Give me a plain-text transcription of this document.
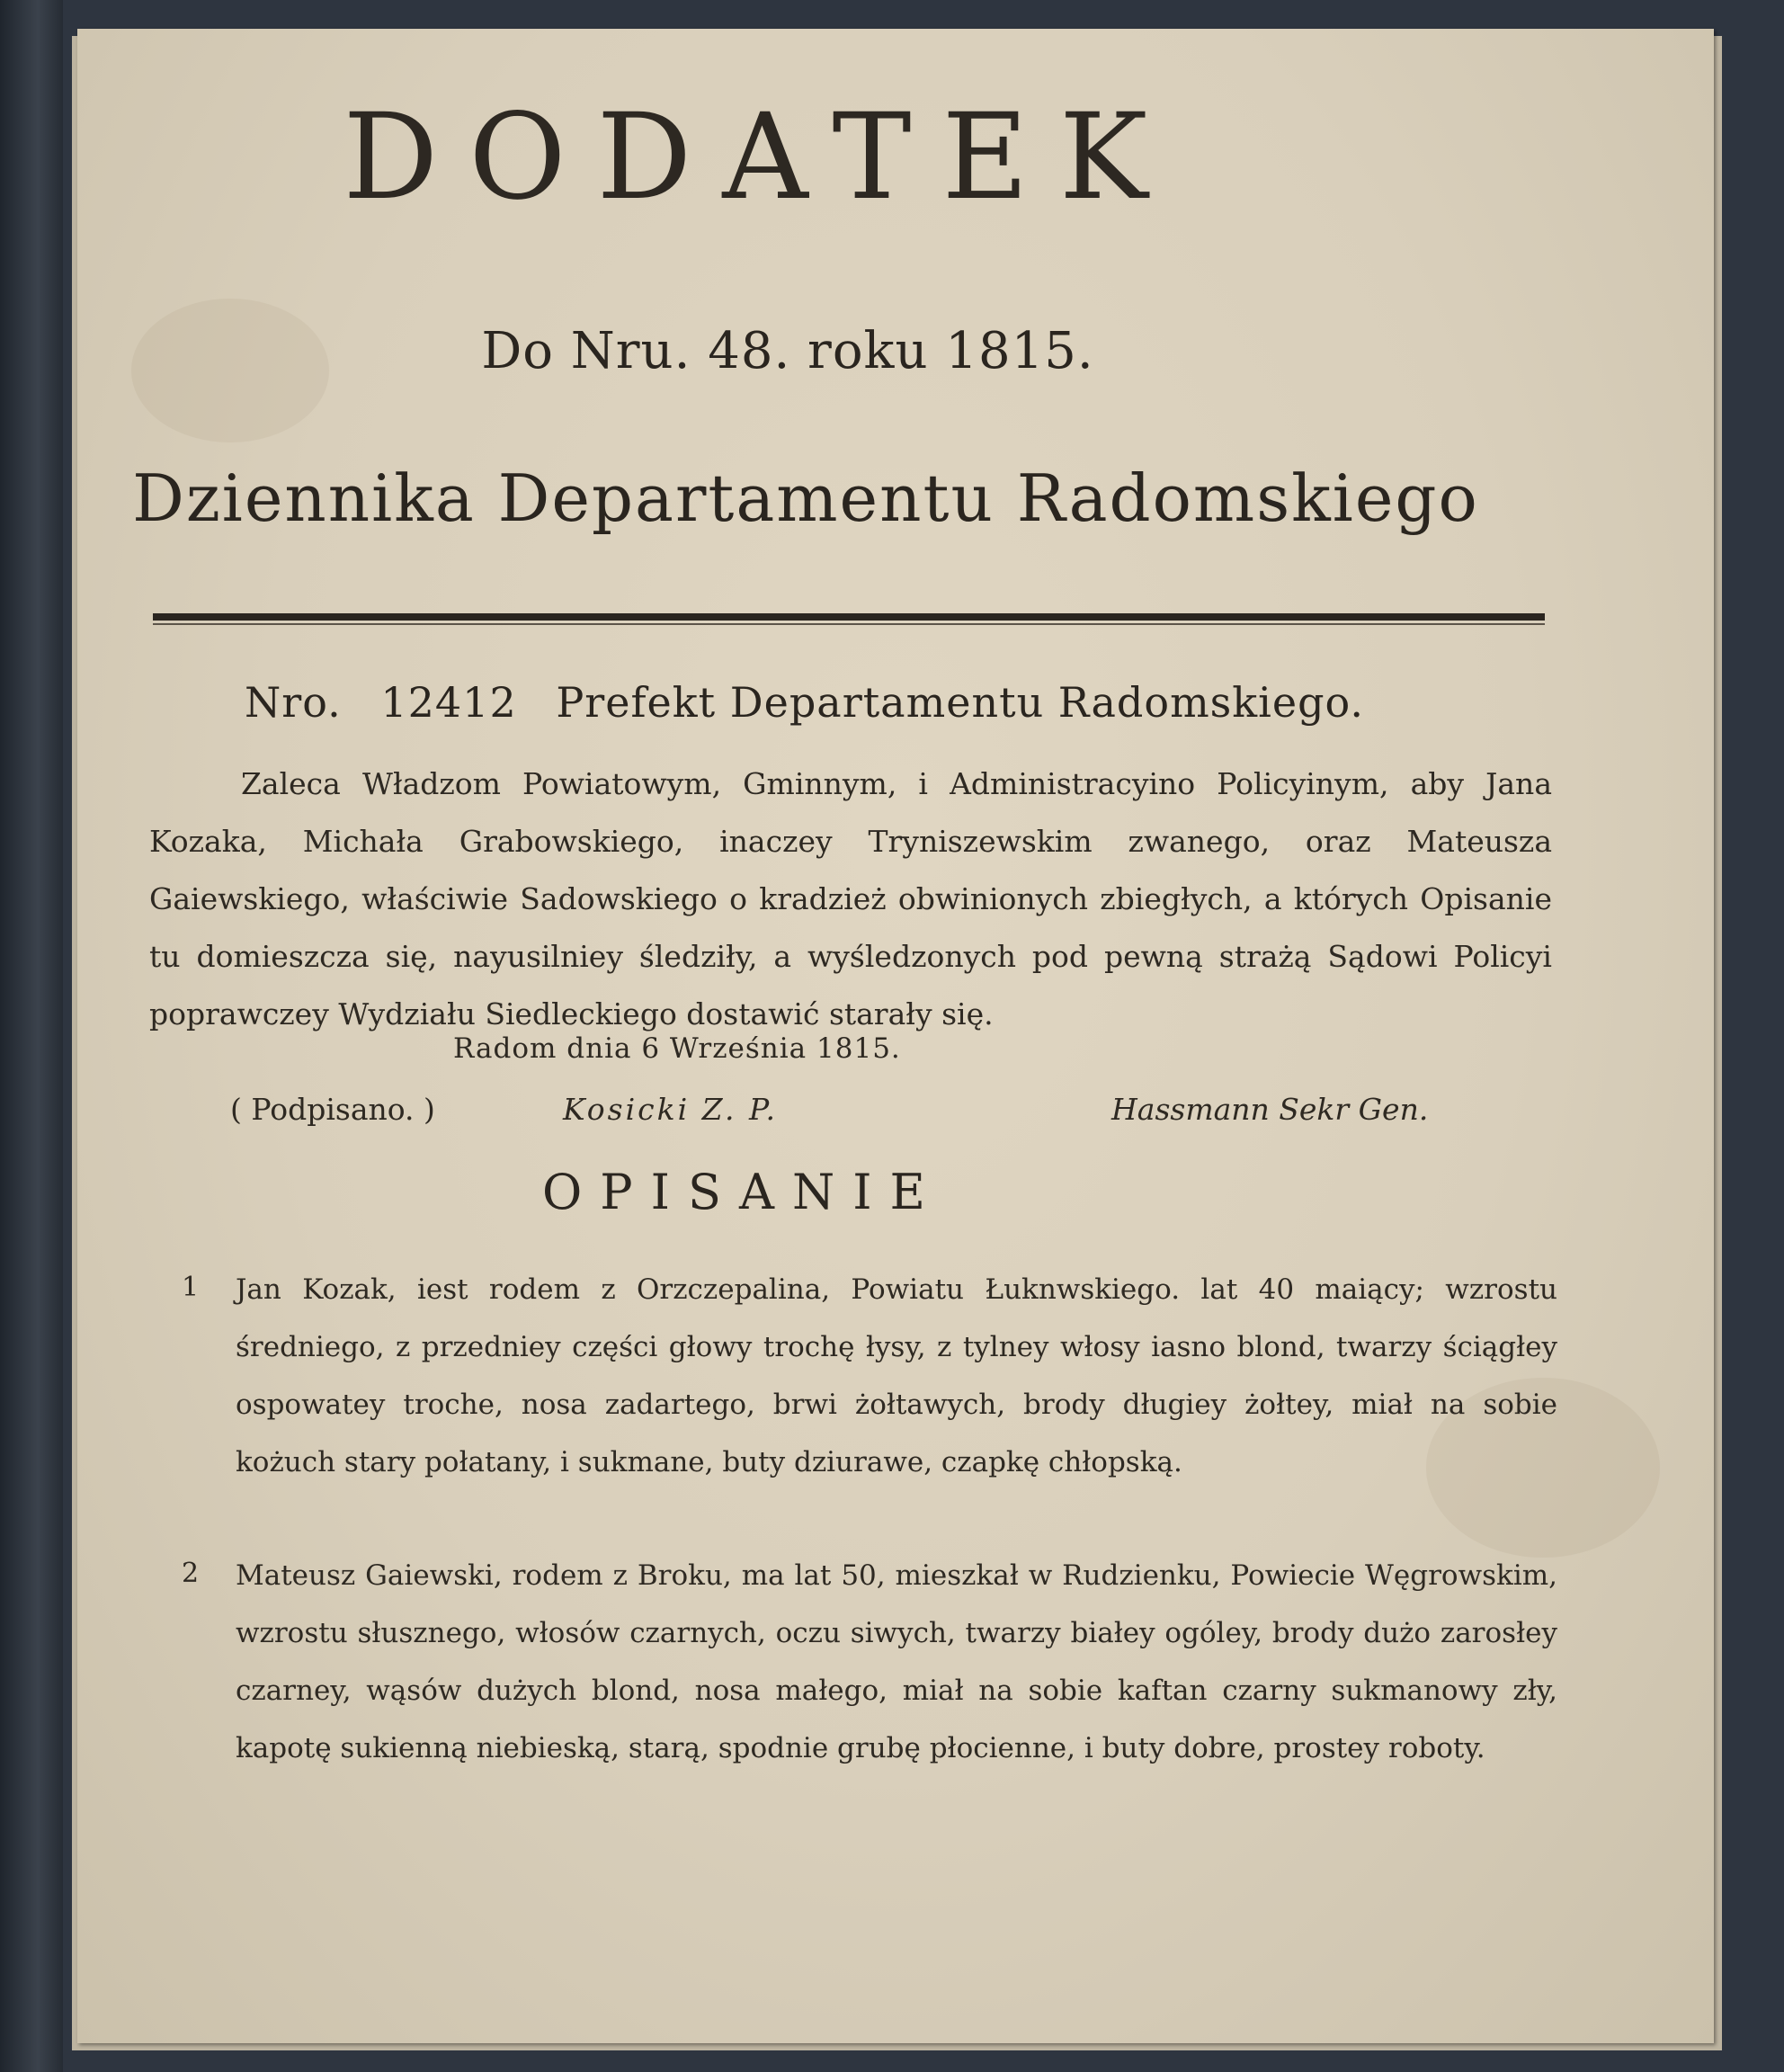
DODATEK
Do Nru. 48. roku 1815.
Dziennika Departamentu Radomskiego
Nro. 12412 Prefekt Departamentu Radomskiego.
Zaleca Władzom Powiatowym, Gminnym, i Administracyino Policyinym, aby Jana Kozaka, Michała Grabowskiego, inaczey Tryniszewskim zwanego, oraz Mateusza Gaiewskiego, właściwie Sadowskiego o kradzież obwinionych zbiegłych, a których Opisanie tu domieszcza się, nayusilniey śledziły, a wyśledzonych pod pewną strażą Sądowi Policyi poprawczey Wydziału Siedleckiego dostawić starały się.
Radom dnia 6 Września 1815.
( Podpisano. )	Kosicki Z. P.	Hassmann Sekr Gen.
OPISANIE
1 Jan Kozak, iest rodem z Orzczepalina, Powiatu Łuknwskiego. lat 40 maiący; wzrostu średniego, z przedniey części głowy trochę łysy, z tylney włosy iasno blond, twarzy ściągłey ospowatey troche, nosa zadartego, brwi żołtawych, brody długiey żołtey, miał na sobie kożuch stary połatany, i sukmane, buty dziurawe, czapkę chłopską.
2 Mateusz Gaiewski, rodem z Broku, ma lat 50, mieszkał w Rudzienku, Powiecie Węgrowskim, wzrostu słusznego, włosów czarnych, oczu siwych, twarzy białey ogóley, brody dużo zarosłey czarney, wąsów dużych blond, nosa małego, miał na sobie kaftan czarny sukmanowy zły, kapotę sukienną niebieską, starą, spodnie grubę płocienne, i buty dobre, prostey roboty.
